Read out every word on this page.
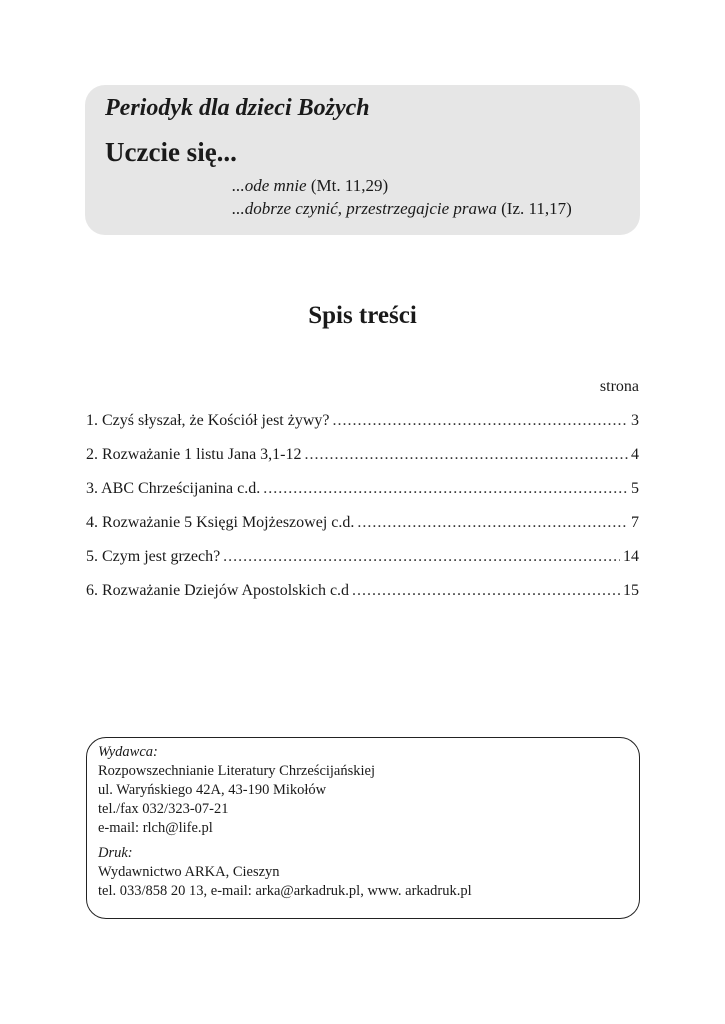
Periodyk dla dzieci Bożych
Uczcie się...
...ode mnie (Mt. 11,29)
...dobrze czynić, przestrzegajcie prawa (Iz. 11,17)
Spis treści
strona
1. Czyś słyszał, że Kościół jest żywy? .....	3
2. Rozważanie 1 listu Jana 3,1-12 .....	4
3. ABC Chrześcijanina c.d. .....	5
4. Rozważanie 5 Księgi Mojżeszowej c.d. .....	7
5. Czym jest grzech? .....	14
6. Rozważanie Dziejów Apostolskich c.d .....	15
Wydawca:
Rozpowszechnianie Literatury Chrześcijańskiej
ul. Waryńskiego 42A, 43-190 Mikołów
tel./fax 032/323-07-21
e-mail: rlch@life.pl
Druk:
Wydawnictwo ARKA, Cieszyn
tel. 033/858 20 13, e-mail: arka@arkadruk.pl, www. arkadruk.pl
